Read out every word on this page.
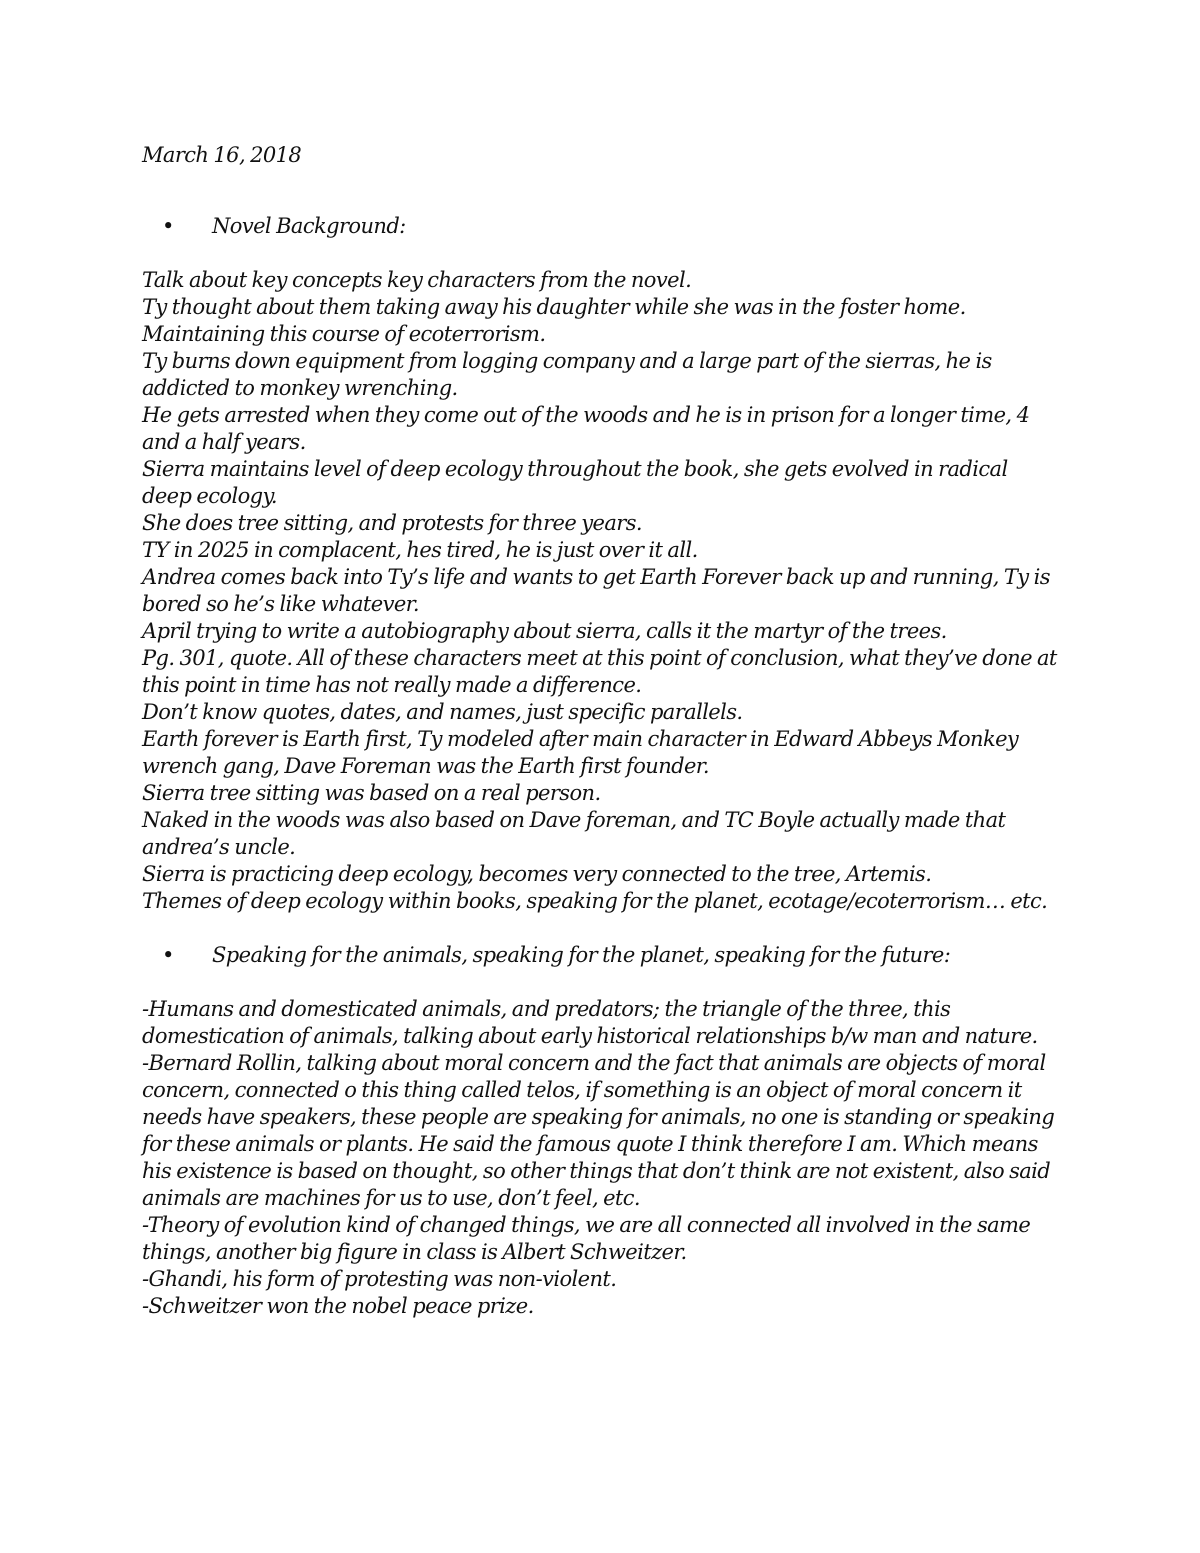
March 16, 2018

• Novel Background:

Talk about key concepts key characters from the novel.

Ty thought about them taking away his daughter while she was in the foster home.

Maintaining this course of ecoterrorism.

Ty burns down equipment from logging company and a large part of the sierras, he is addicted to monkey wrenching.

He gets arrested when they come out of the woods and he is in prison for a longer time, 4 and a half years.

Sierra maintains level of deep ecology throughout the book, she gets evolved in radical deep ecology.

She does tree sitting, and protests for three years.

TY in 2025 in complacent, hes tired, he is just over it all.

Andrea comes back into Ty’s life and wants to get Earth Forever back up and running, Ty is bored so he’s like whatever.

April trying to write a autobiography about sierra, calls it the martyr of the trees.

Pg. 301, quote. All of these characters meet at this point of conclusion, what they’ve done at this point in time has not really made a difference.

Don’t know quotes, dates, and names, just specific parallels.

Earth forever is Earth first, Ty modeled after main character in Edward Abbeys Monkey wrench gang, Dave Foreman was the Earth first founder.

Sierra tree sitting was based on a real person.

Naked in the woods was also based on Dave foreman, and TC Boyle actually made that andrea’s uncle.

Sierra is practicing deep ecology, becomes very connected to the tree, Artemis.

Themes of deep ecology within books, speaking for the planet, ecotage/ecoterrorism… etc.

• Speaking for the animals, speaking for the planet, speaking for the future:

-Humans and domesticated animals, and predators; the triangle of the three, this domestication of animals, talking about early historical relationships b/w man and nature.

-Bernard Rollin, talking about moral concern and the fact that animals are objects of moral concern, connected o this thing called telos, if something is an object of moral concern it needs have speakers, these people are speaking for animals, no one is standing or speaking for these animals or plants. He said the famous quote I think therefore I am. Which means his existence is based on thought, so other things that don’t think are not existent, also said animals are machines for us to use, don’t feel, etc.

-Theory of evolution kind of changed things, we are all connected all involved in the same things, another big figure in class is Albert Schweitzer.

-Ghandi, his form of protesting was non-violent.

-Schweitzer won the nobel peace prize.
